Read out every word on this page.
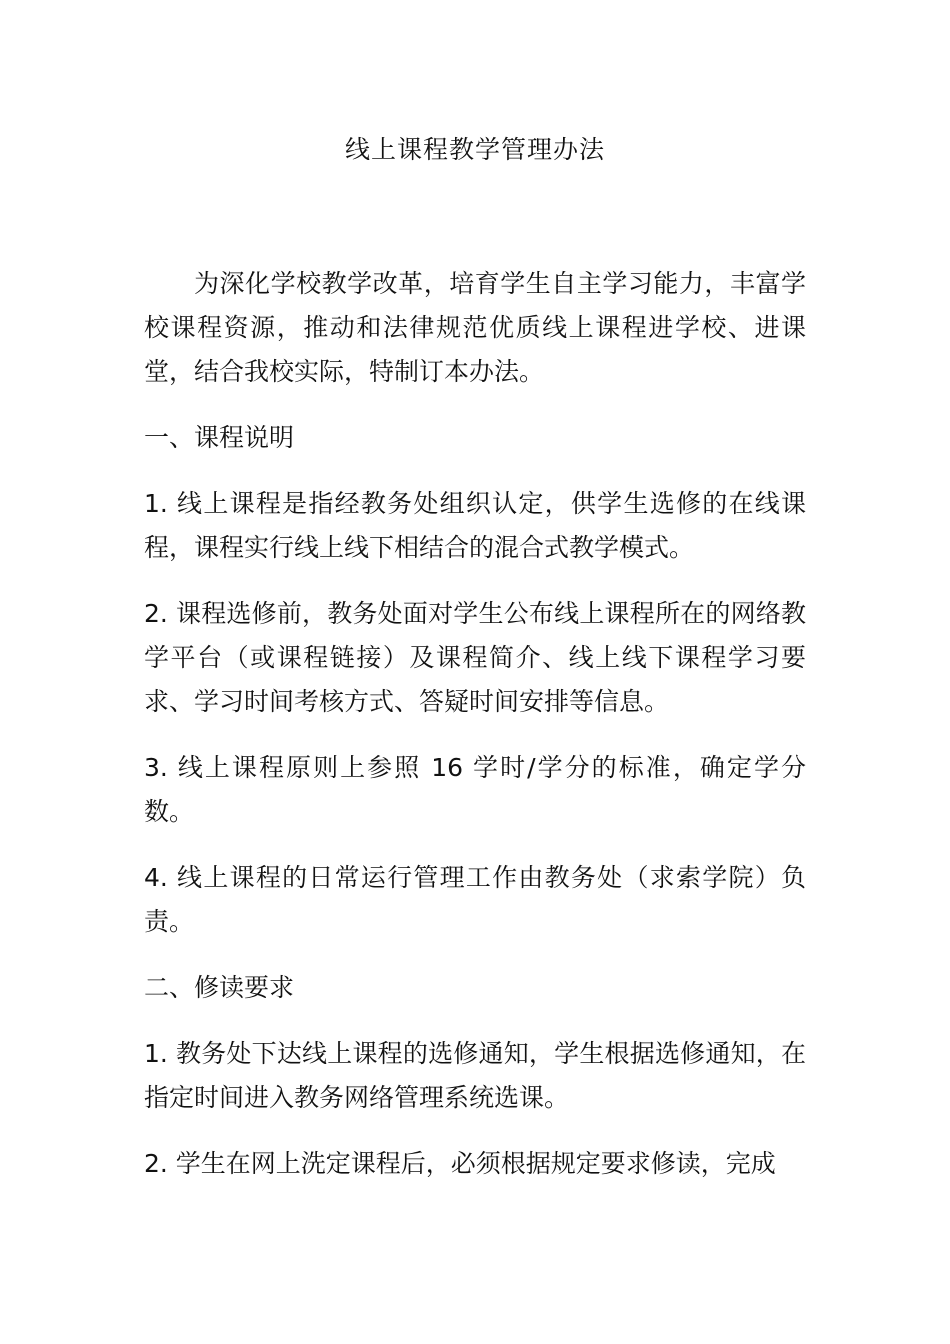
线上课程教学管理办法

为深化学校教学改革，培育学生自主学习能力，丰富学校课程资源，推动和法律规范优质线上课程进学校、进课堂，结合我校实际，特制订本办法。

一、课程说明

1. 线上课程是指经教务处组织认定，供学生选修的在线课程，课程实行线上线下相结合的混合式教学模式。

2. 课程选修前，教务处面对学生公布线上课程所在的网络教学平台（或课程链接）及课程简介、线上线下课程学习要求、学习时间考核方式、答疑时间安排等信息。

3. 线上课程原则上参照 16 学时/学分的标准，确定学分数。

4. 线上课程的日常运行管理工作由教务处（求索学院）负责。

二、修读要求

1. 教务处下达线上课程的选修通知，学生根据选修通知，在指定时间进入教务网络管理系统选课。

2. 学生在网上洗定课程后，必须根据规定要求修读，完成
